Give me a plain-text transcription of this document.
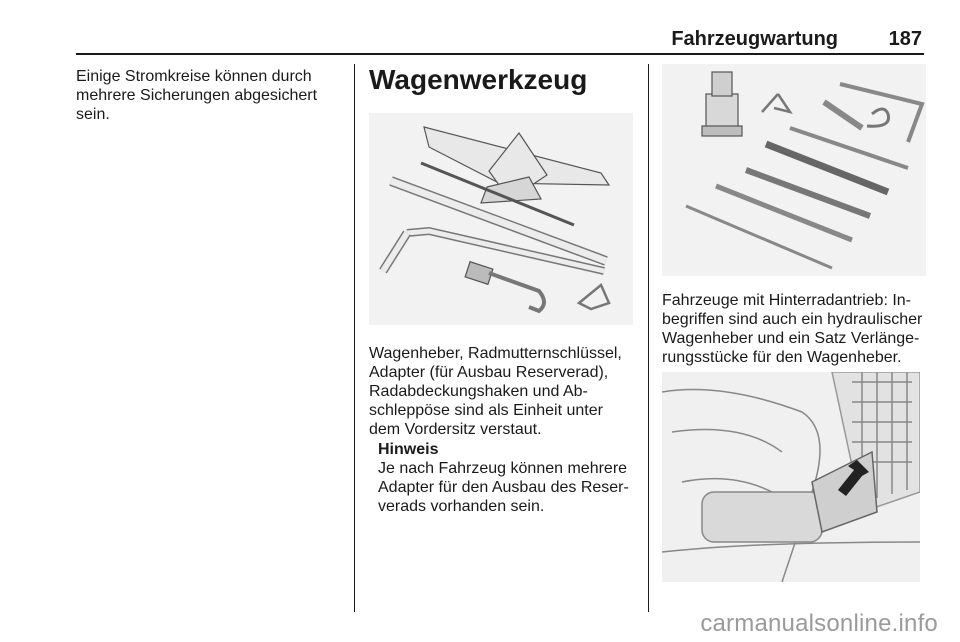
Fahrzeugwartung	187
Einige Stromkreise können durch
mehrere Sicherungen abgesichert
sein.
Wagenwerkzeug
Wagenheber, Radmutternschlüssel,
Adapter (für Ausbau Reserverad),
Radabdeckungshaken und Ab-
schleppöse sind als Einheit unter
dem Vordersitz verstaut.
Hinweis
Je nach Fahrzeug können mehrere
Adapter für den Ausbau des Reser-
verads vorhanden sein.
Fahrzeuge mit Hinterradantrieb: In-
begriffen sind auch ein hydraulischer
Wagenheber und ein Satz Verlänge-
rungsstücke für den Wagenheber.
carmanualsonline.info
